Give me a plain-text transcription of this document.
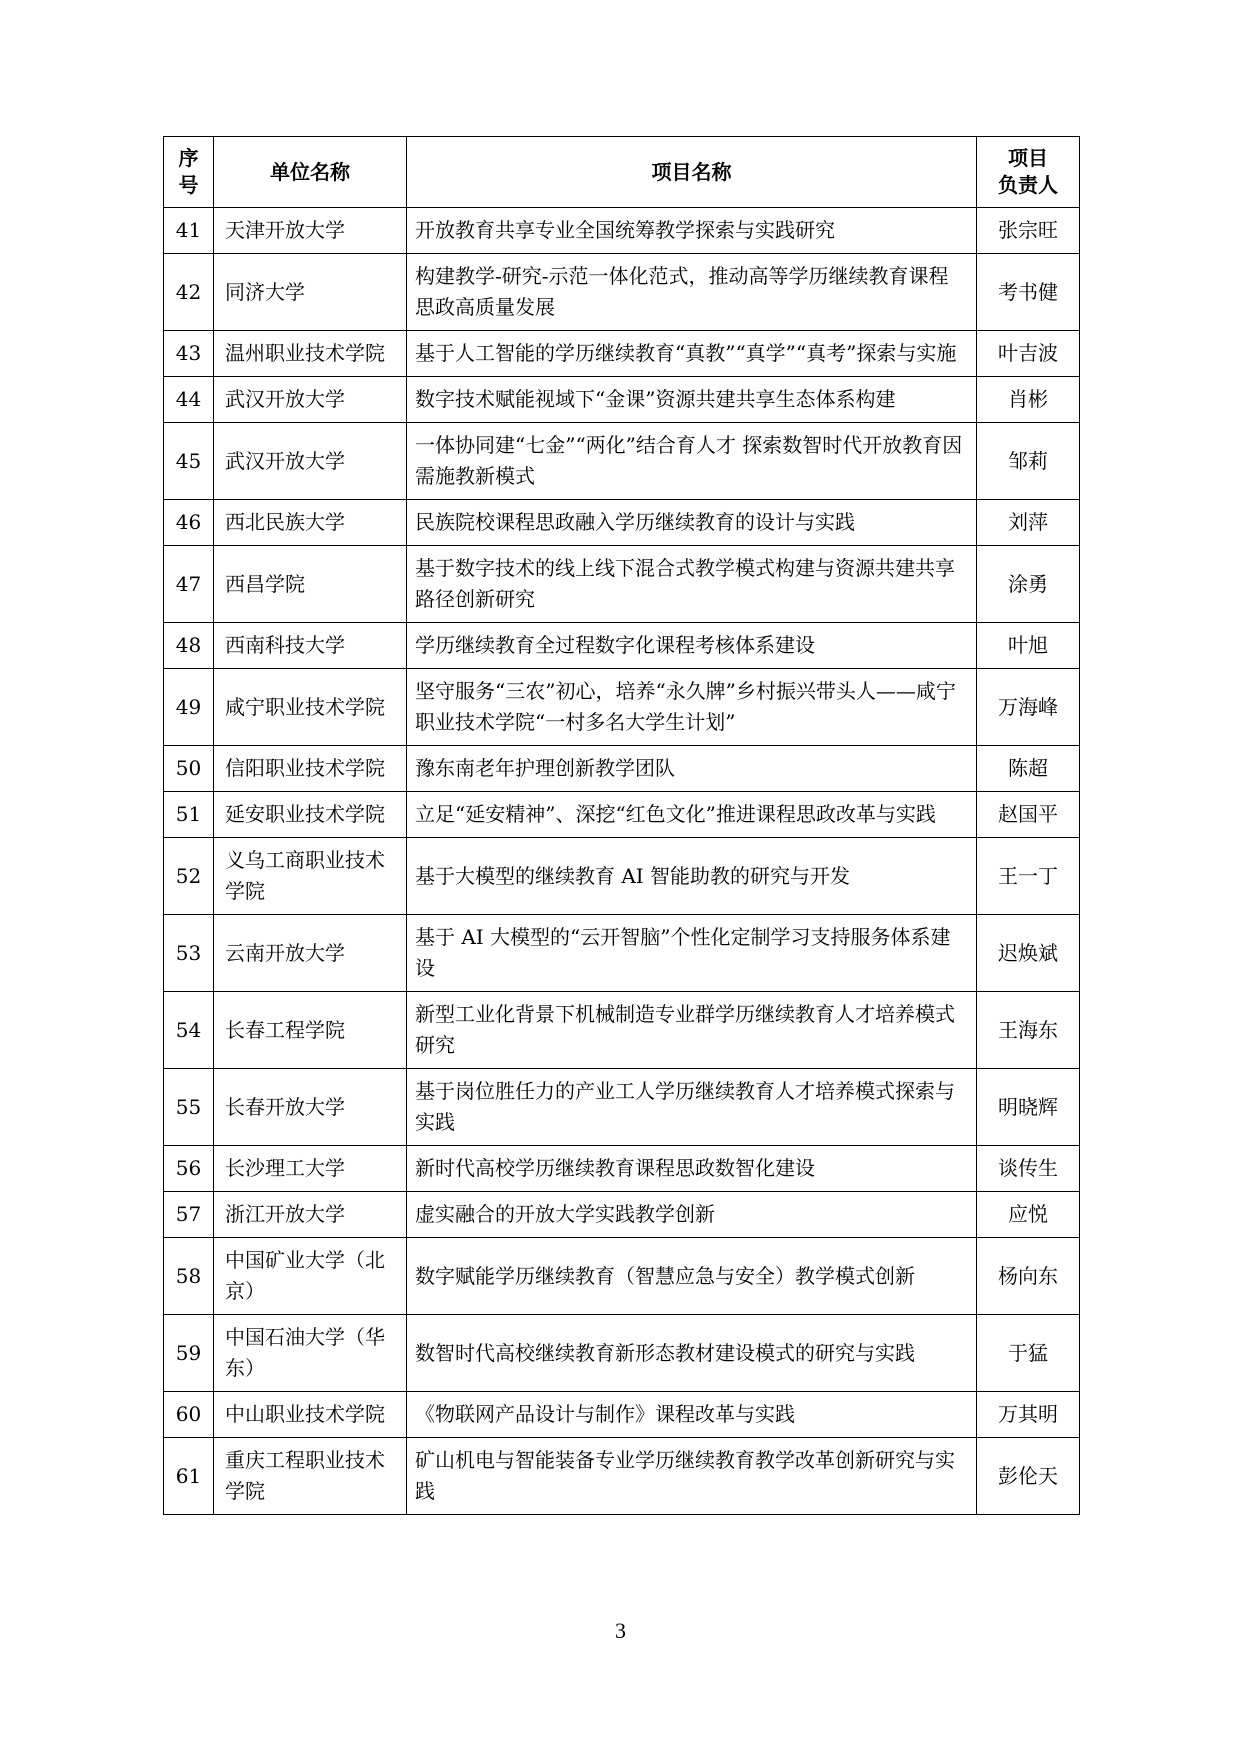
序号	单位名称	项目名称	项目
负责人
41	天津开放大学	开放教育共享专业全国统筹教学探索与实践研究	张宗旺
42	同济大学	构建教学-研究-示范一体化范式，推动高等学历继续教育课程思政高质量发展	考书健
43	温州职业技术学院	基于人工智能的学历继续教育“真教”“真学”“真考”探索与实施	叶吉波
44	武汉开放大学	数字技术赋能视域下“金课”资源共建共享生态体系构建	肖彬
45	武汉开放大学	一体协同建“七金”“两化”结合育人才 探索数智时代开放教育因需施教新模式	邹莉
46	西北民族大学	民族院校课程思政融入学历继续教育的设计与实践	刘萍
47	西昌学院	基于数字技术的线上线下混合式教学模式构建与资源共建共享路径创新研究	涂勇
48	西南科技大学	学历继续教育全过程数字化课程考核体系建设	叶旭
49	咸宁职业技术学院	坚守服务“三农”初心，培养“永久牌”乡村振兴带头人——咸宁职业技术学院“一村多名大学生计划”	万海峰
50	信阳职业技术学院	豫东南老年护理创新教学团队	陈超
51	延安职业技术学院	立足“延安精神”、深挖“红色文化”推进课程思政改革与实践	赵国平
52	义乌工商职业技术学院	基于大模型的继续教育 AI 智能助教的研究与开发	王一丁
53	云南开放大学	基于 AI 大模型的“云开智脑”个性化定制学习支持服务体系建设	迟焕斌
54	长春工程学院	新型工业化背景下机械制造专业群学历继续教育人才培养模式研究	王海东
55	长春开放大学	基于岗位胜任力的产业工人学历继续教育人才培养模式探索与实践	明晓辉
56	长沙理工大学	新时代高校学历继续教育课程思政数智化建设	谈传生
57	浙江开放大学	虚实融合的开放大学实践教学创新	应悦
58	中国矿业大学（北京）	数字赋能学历继续教育（智慧应急与安全）教学模式创新	杨向东
59	中国石油大学（华东）	数智时代高校继续教育新形态教材建设模式的研究与实践	于猛
60	中山职业技术学院	《物联网产品设计与制作》课程改革与实践	万其明
61	重庆工程职业技术学院	矿山机电与智能装备专业学历继续教育教学改革创新研究与实践	彭伦天
3
